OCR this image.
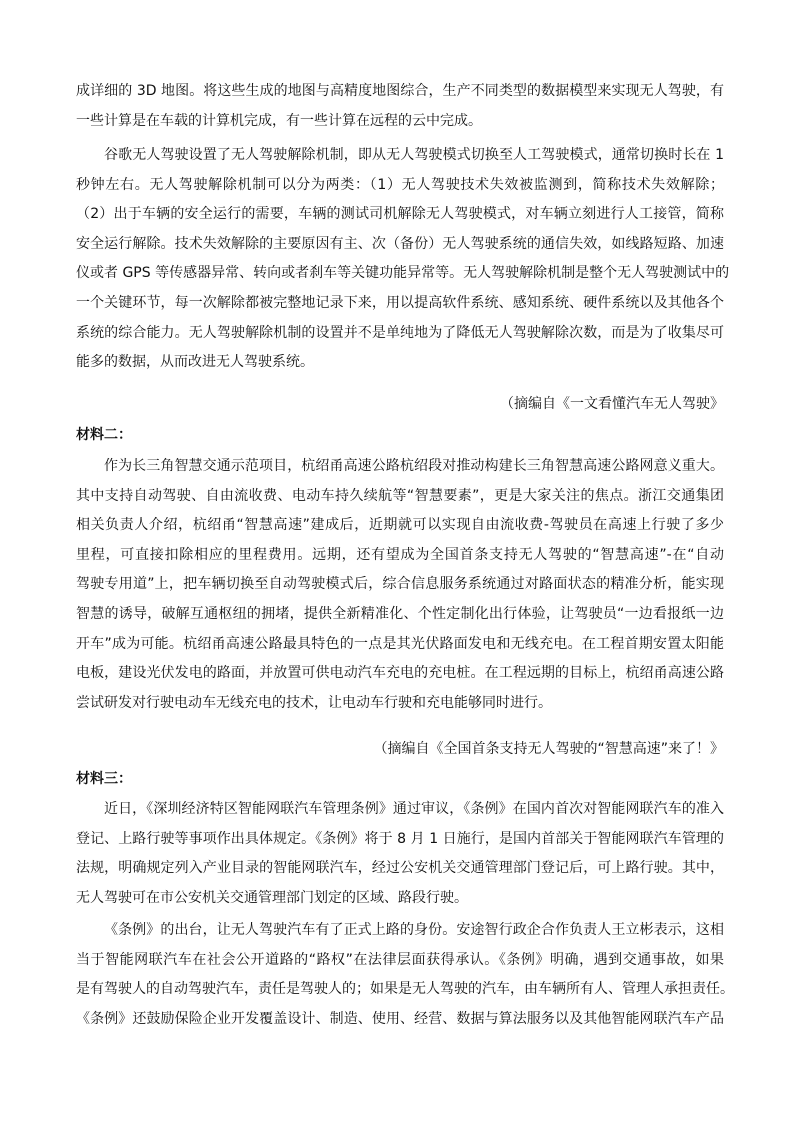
成详细的 3D 地图。将这些生成的地图与高精度地图综合，生产不同类型的数据模型来实现无人驾驶，有
一些计算是在车载的计算机完成，有一些计算在远程的云中完成。
谷歌无人驾驶设置了无人驾驶解除机制，即从无人驾驶模式切换至人工驾驶模式，通常切换时长在 1
秒钟左右。无人驾驶解除机制可以分为两类：（1）无人驾驶技术失效被监测到，简称技术失效解除；
（2）出于车辆的安全运行的需要，车辆的测试司机解除无人驾驶模式，对车辆立刻进行人工接管，简称
安全运行解除。技术失效解除的主要原因有主、次（备份）无人驾驶系统的通信失效，如线路短路、加速
仪或者 GPS 等传感器异常、转向或者刹车等关键功能异常等。无人驾驶解除机制是整个无人驾驶测试中的
一个关键环节，每一次解除都被完整地记录下来，用以提高软件系统、感知系统、硬件系统以及其他各个
系统的综合能力。无人驾驶解除机制的设置并不是单纯地为了降低无人驾驶解除次数，而是为了收集尽可
能多的数据，从而改进无人驾驶系统。
（摘编自《一文看懂汽车无人驾驶》
材料二：
作为长三角智慧交通示范项目，杭绍甬高速公路杭绍段对推动构建长三角智慧高速公路网意义重大。
其中支持自动驾驶、自由流收费、电动车持久续航等“智慧要素”，更是大家关注的焦点。浙江交通集团
相关负责人介绍，杭绍甬“智慧高速”建成后，近期就可以实现自由流收费-驾驶员在高速上行驶了多少
里程，可直接扣除相应的里程费用。远期，还有望成为全国首条支持无人驾驶的“智慧高速”-在“自动
驾驶专用道”上，把车辆切换至自动驾驶模式后，综合信息服务系统通过对路面状态的精准分析，能实现
智慧的诱导，破解互通枢纽的拥堵，提供全新精准化、个性定制化出行体验，让驾驶员“一边看报纸一边
开车”成为可能。杭绍甬高速公路最具特色的一点是其光伏路面发电和无线充电。在工程首期安置太阳能
电板，建设光伏发电的路面，并放置可供电动汽车充电的充电桩。在工程远期的目标上，杭绍甬高速公路
尝试研发对行驶电动车无线充电的技术，让电动车行驶和充电能够同时进行。
（摘编自《全国首条支持无人驾驶的“智慧高速”来了！》
材料三：
近日，《深圳经济特区智能网联汽车管理条例》通过审议，《条例》在国内首次对智能网联汽车的准入
登记、上路行驶等事项作出具体规定。《条例》将于 8 月 1 日施行，是国内首部关于智能网联汽车管理的
法规，明确规定列入产业目录的智能网联汽车，经过公安机关交通管理部门登记后，可上路行驶。其中，
无人驾驶可在市公安机关交通管理部门划定的区域、路段行驶。
《条例》的出台，让无人驾驶汽车有了正式上路的身份。安途智行政企合作负责人王立彬表示，这相
当于智能网联汽车在社会公开道路的“路权”在法律层面获得承认。《条例》明确，遇到交通事故，如果
是有驾驶人的自动驾驶汽车，责任是驾驶人的；如果是无人驾驶的汽车，由车辆所有人、管理人承担责任。
《条例》还鼓励保险企业开发覆盖设计、制造、使用、经营、数据与算法服务以及其他智能网联汽车产品
